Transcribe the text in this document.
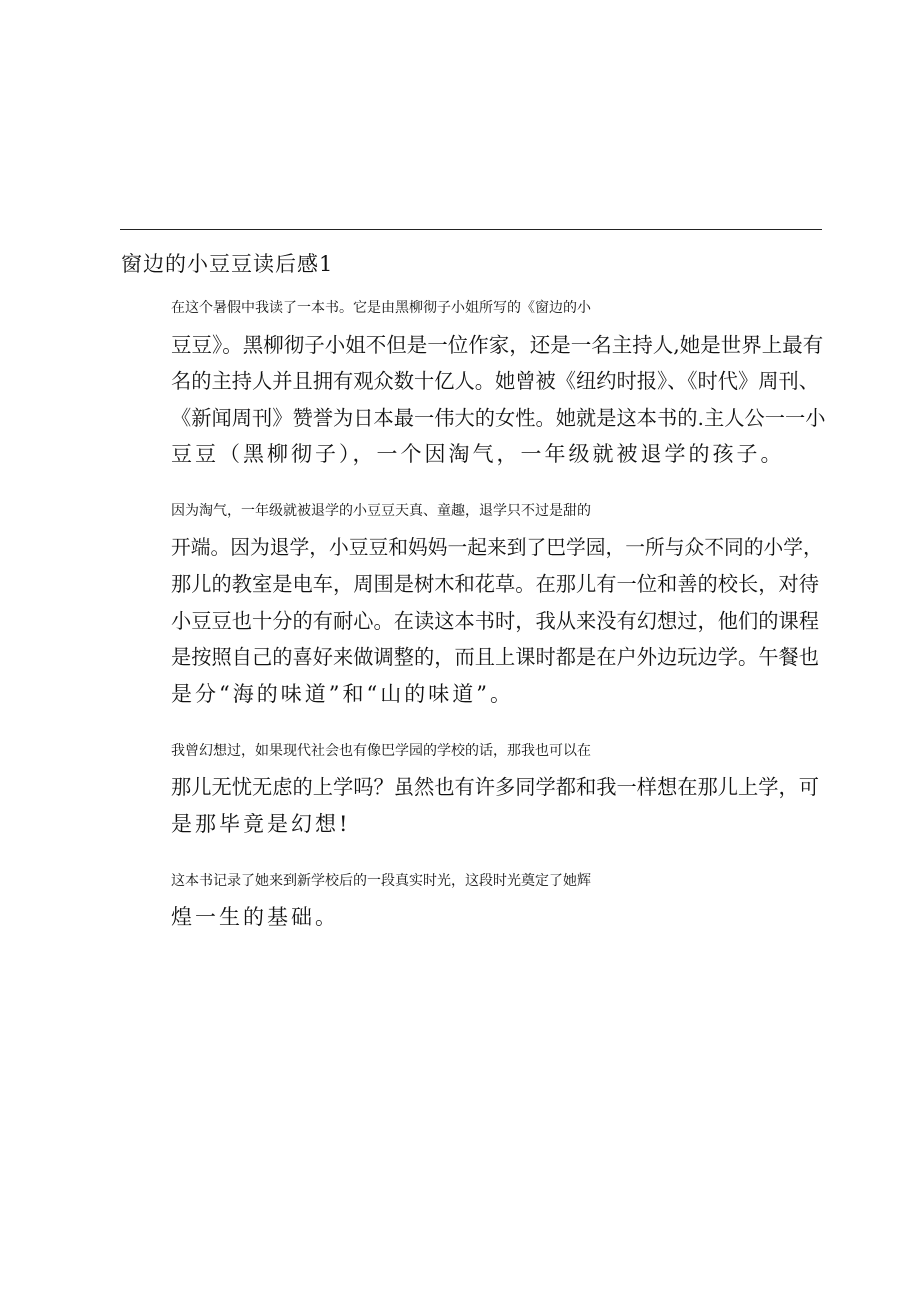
窗边的小豆豆读后感1

在这个暑假中我读了一本书。它是由黑柳彻子小姐所写的《窗边的小
豆豆》。黑柳彻子小姐不但是一位作家，还是一名主持人,她是世界上最有
名的主持人并且拥有观众数十亿人。她曾被《纽约时报》、《时代》周刊、
《新闻周刊》赞誉为日本最一伟大的女性。她就是这本书的.主人公一一小
豆豆（黑柳彻子），一个因淘气，一年级就被退学的孩子。

因为淘气，一年级就被退学的小豆豆天真、童趣，退学只不过是甜的
开端。因为退学，小豆豆和妈妈一起来到了巴学园，一所与众不同的小学，
那儿的教室是电车，周围是树木和花草。在那儿有一位和善的校长，对待
小豆豆也十分的有耐心。在读这本书时，我从来没有幻想过，他们的课程
是按照自己的喜好来做调整的，而且上课时都是在户外边玩边学。午餐也
是分“海的味道”和“山的味道”。

我曾幻想过，如果现代社会也有像巴学园的学校的话，那我也可以在
那儿无忧无虑的上学吗？虽然也有许多同学都和我一样想在那儿上学，可
是那毕竟是幻想!

这本书记录了她来到新学校后的一段真实时光，这段时光奠定了她辉
煌一生的基础。
